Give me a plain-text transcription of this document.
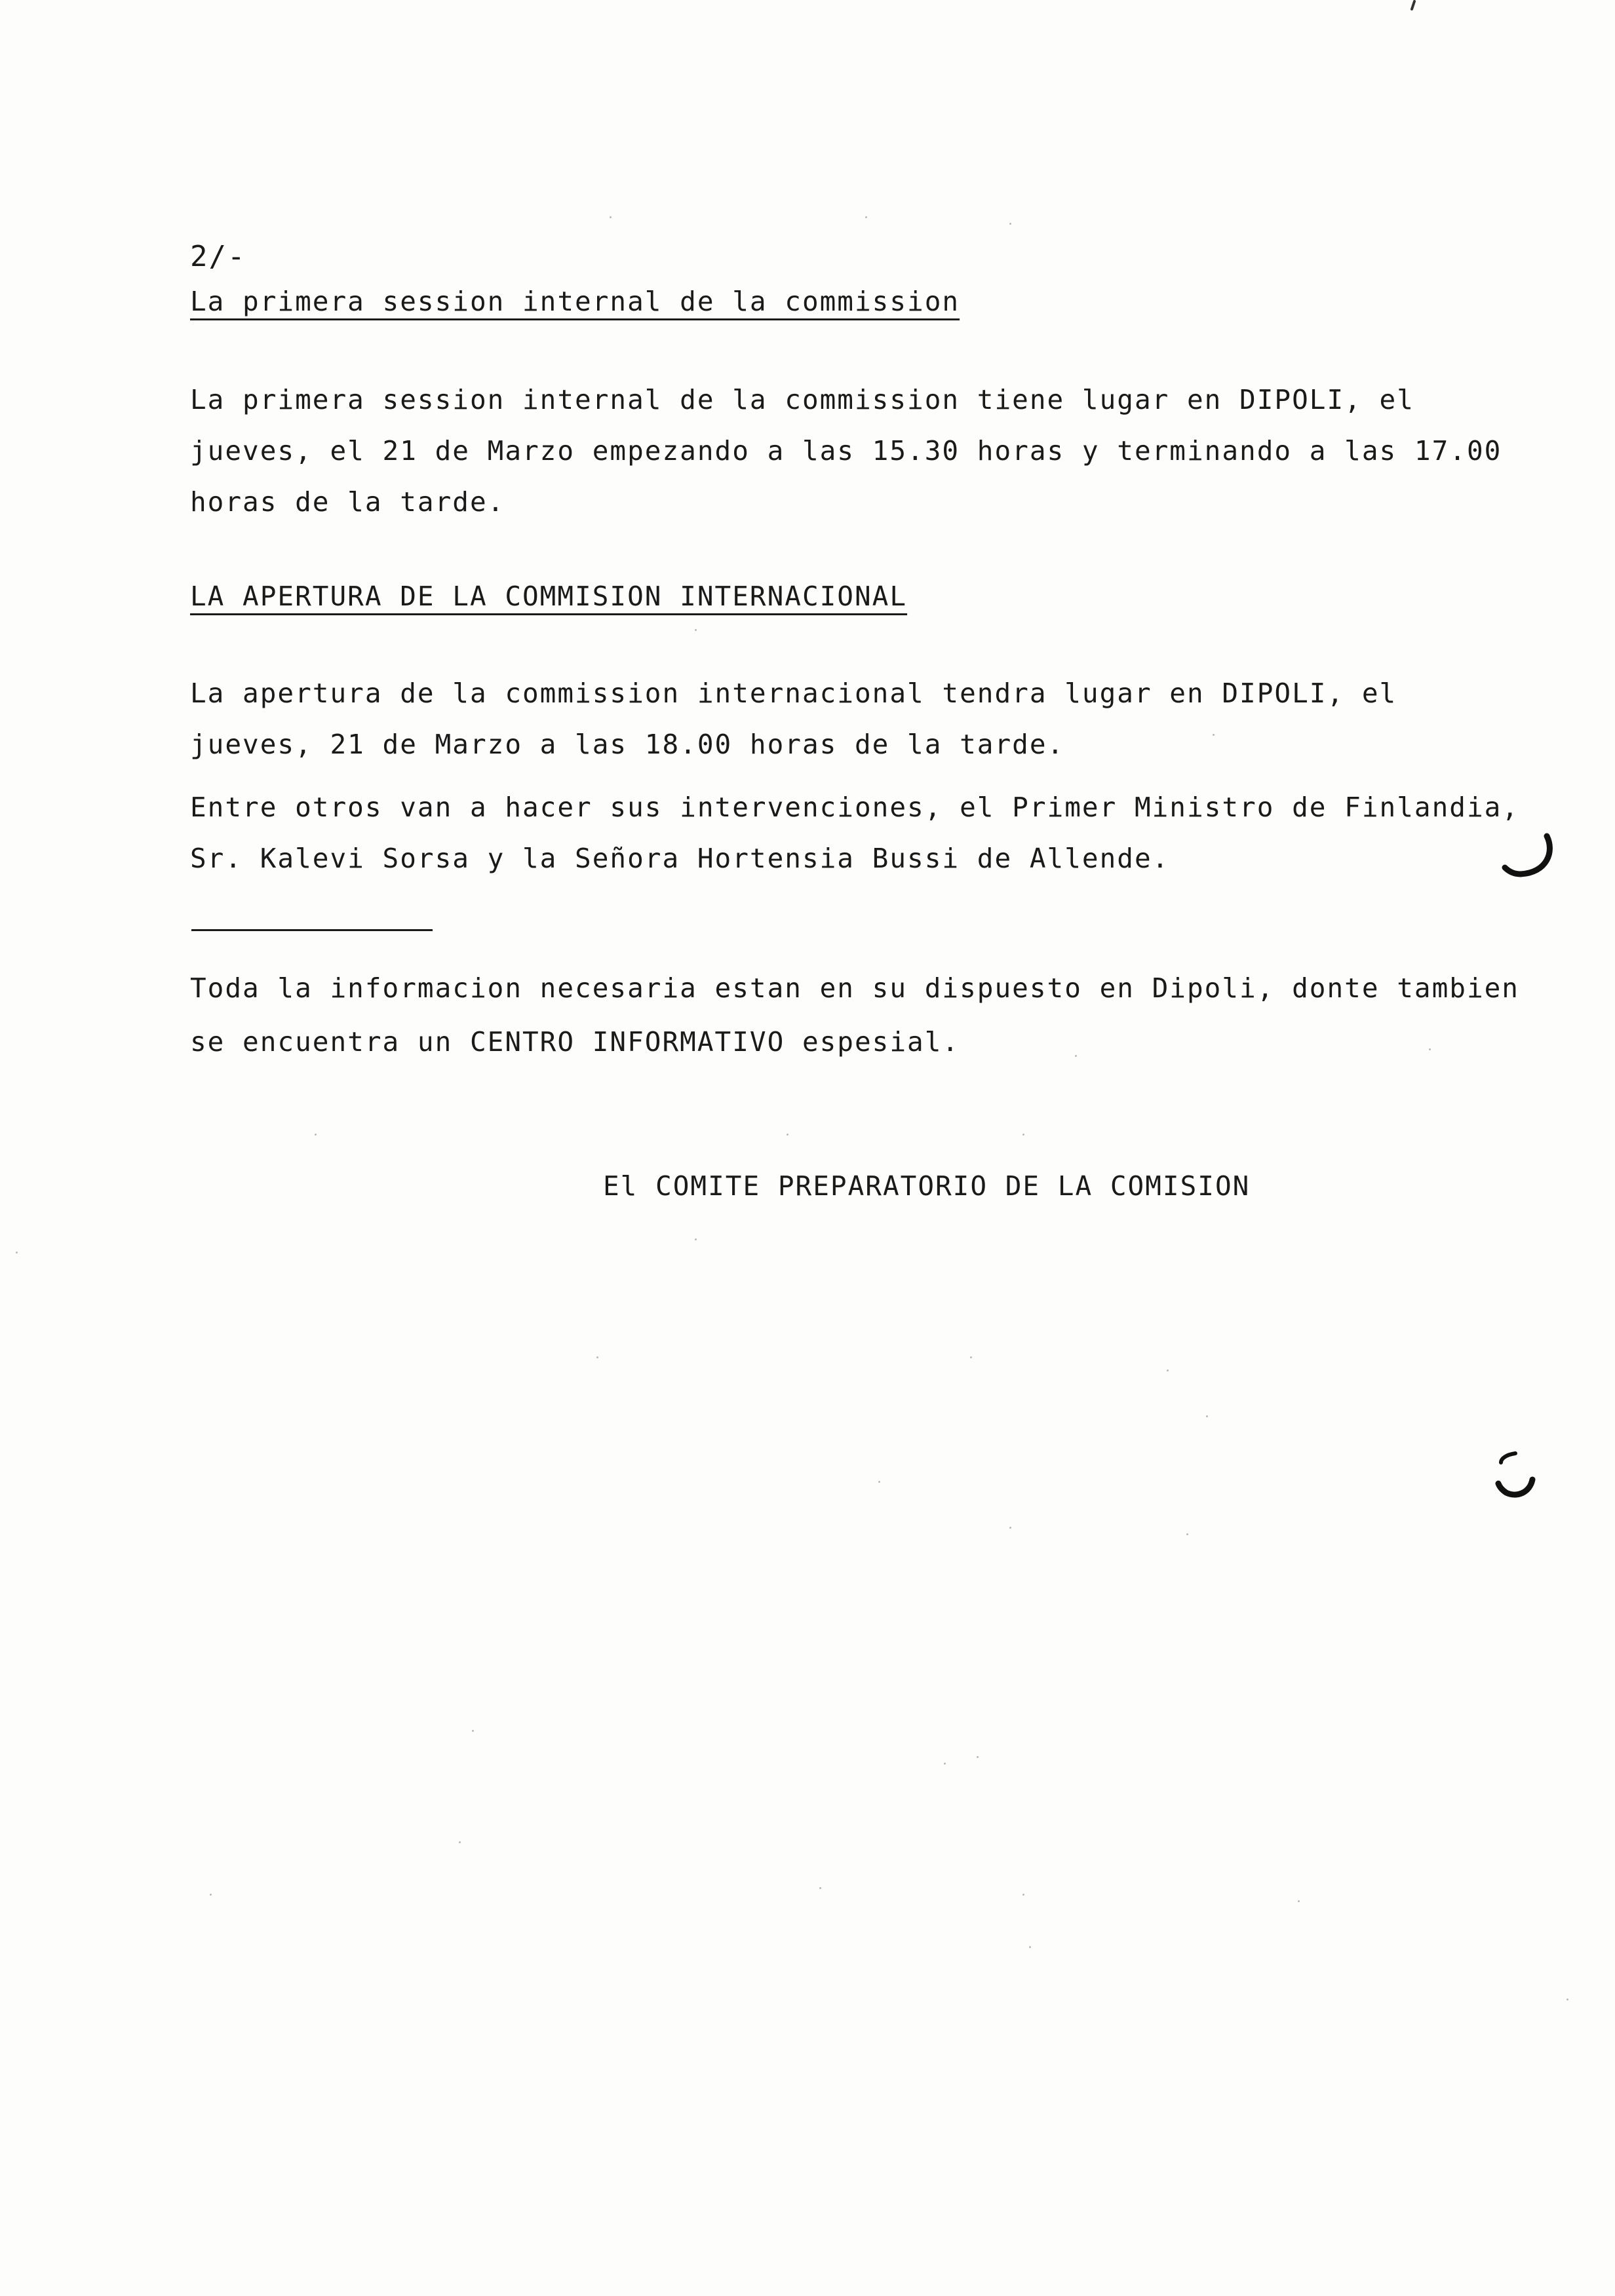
2/-
La primera session internal de la commission
La primera session internal de la commission tiene lugar en DIPOLI, el
jueves, el 21 de Marzo empezando a las 15.30 horas y terminando a las 17.00
horas de la tarde.
LA APERTURA DE LA COMMISION INTERNACIONAL
La apertura de la commission internacional tendra lugar en DIPOLI, el
jueves, 21 de Marzo a las 18.00 horas de la tarde.
Entre otros van a hacer sus intervenciones, el Primer Ministro de Finlandia,
Sr. Kalevi Sorsa y la Señora Hortensia Bussi de Allende.
Toda la informacion necesaria estan en su dispuesto en Dipoli, donte tambien
se encuentra un CENTRO INFORMATIVO espesial.
El COMITE PREPARATORIO DE LA COMISION
